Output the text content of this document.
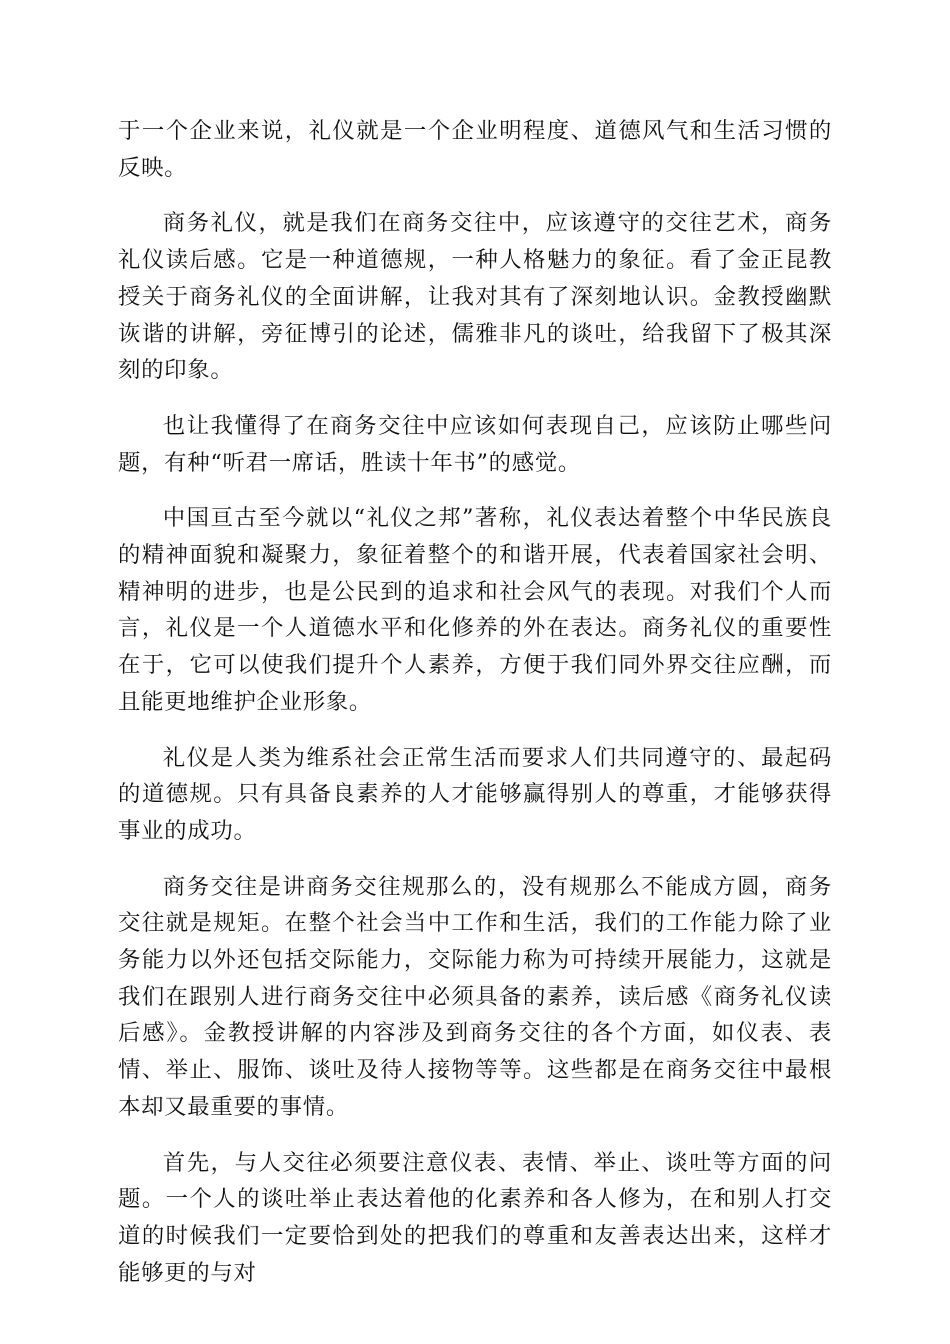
于一个企业来说，礼仪就是一个企业明程度、道德风气和生活习惯的反映。

商务礼仪，就是我们在商务交往中，应该遵守的交往艺术，商务礼仪读后感。它是一种道德规，一种人格魅力的象征。看了金正昆教授关于商务礼仪的全面讲解，让我对其有了深刻地认识。金教授幽默诙谐的讲解，旁征博引的论述，儒雅非凡的谈吐，给我留下了极其深刻的印象。

也让我懂得了在商务交往中应该如何表现自己，应该防止哪些问题，有种“听君一席话，胜读十年书”的感觉。

中国亘古至今就以“礼仪之邦”著称，礼仪表达着整个中华民族良的精神面貌和凝聚力，象征着整个的和谐开展，代表着国家社会明、精神明的进步，也是公民到的追求和社会风气的表现。对我们个人而言，礼仪是一个人道德水平和化修养的外在表达。商务礼仪的重要性在于，它可以使我们提升个人素养，方便于我们同外界交往应酬，而且能更地维护企业形象。

礼仪是人类为维系社会正常生活而要求人们共同遵守的、最起码的道德规。只有具备良素养的人才能够赢得别人的尊重，才能够获得事业的成功。

商务交往是讲商务交往规那么的，没有规那么不能成方圆，商务交往就是规矩。在整个社会当中工作和生活，我们的工作能力除了业务能力以外还包括交际能力，交际能力称为可持续开展能力，这就是我们在跟别人进行商务交往中必须具备的素养，读后感《商务礼仪读后感》。金教授讲解的内容涉及到商务交往的各个方面，如仪表、表情、举止、服饰、谈吐及待人接物等等。这些都是在商务交往中最根本却又最重要的事情。

首先，与人交往必须要注意仪表、表情、举止、谈吐等方面的问题。一个人的谈吐举止表达着他的化素养和各人修为，在和别人打交道的时候我们一定要恰到处的把我们的尊重和友善表达出来，这样才能够更的与对
